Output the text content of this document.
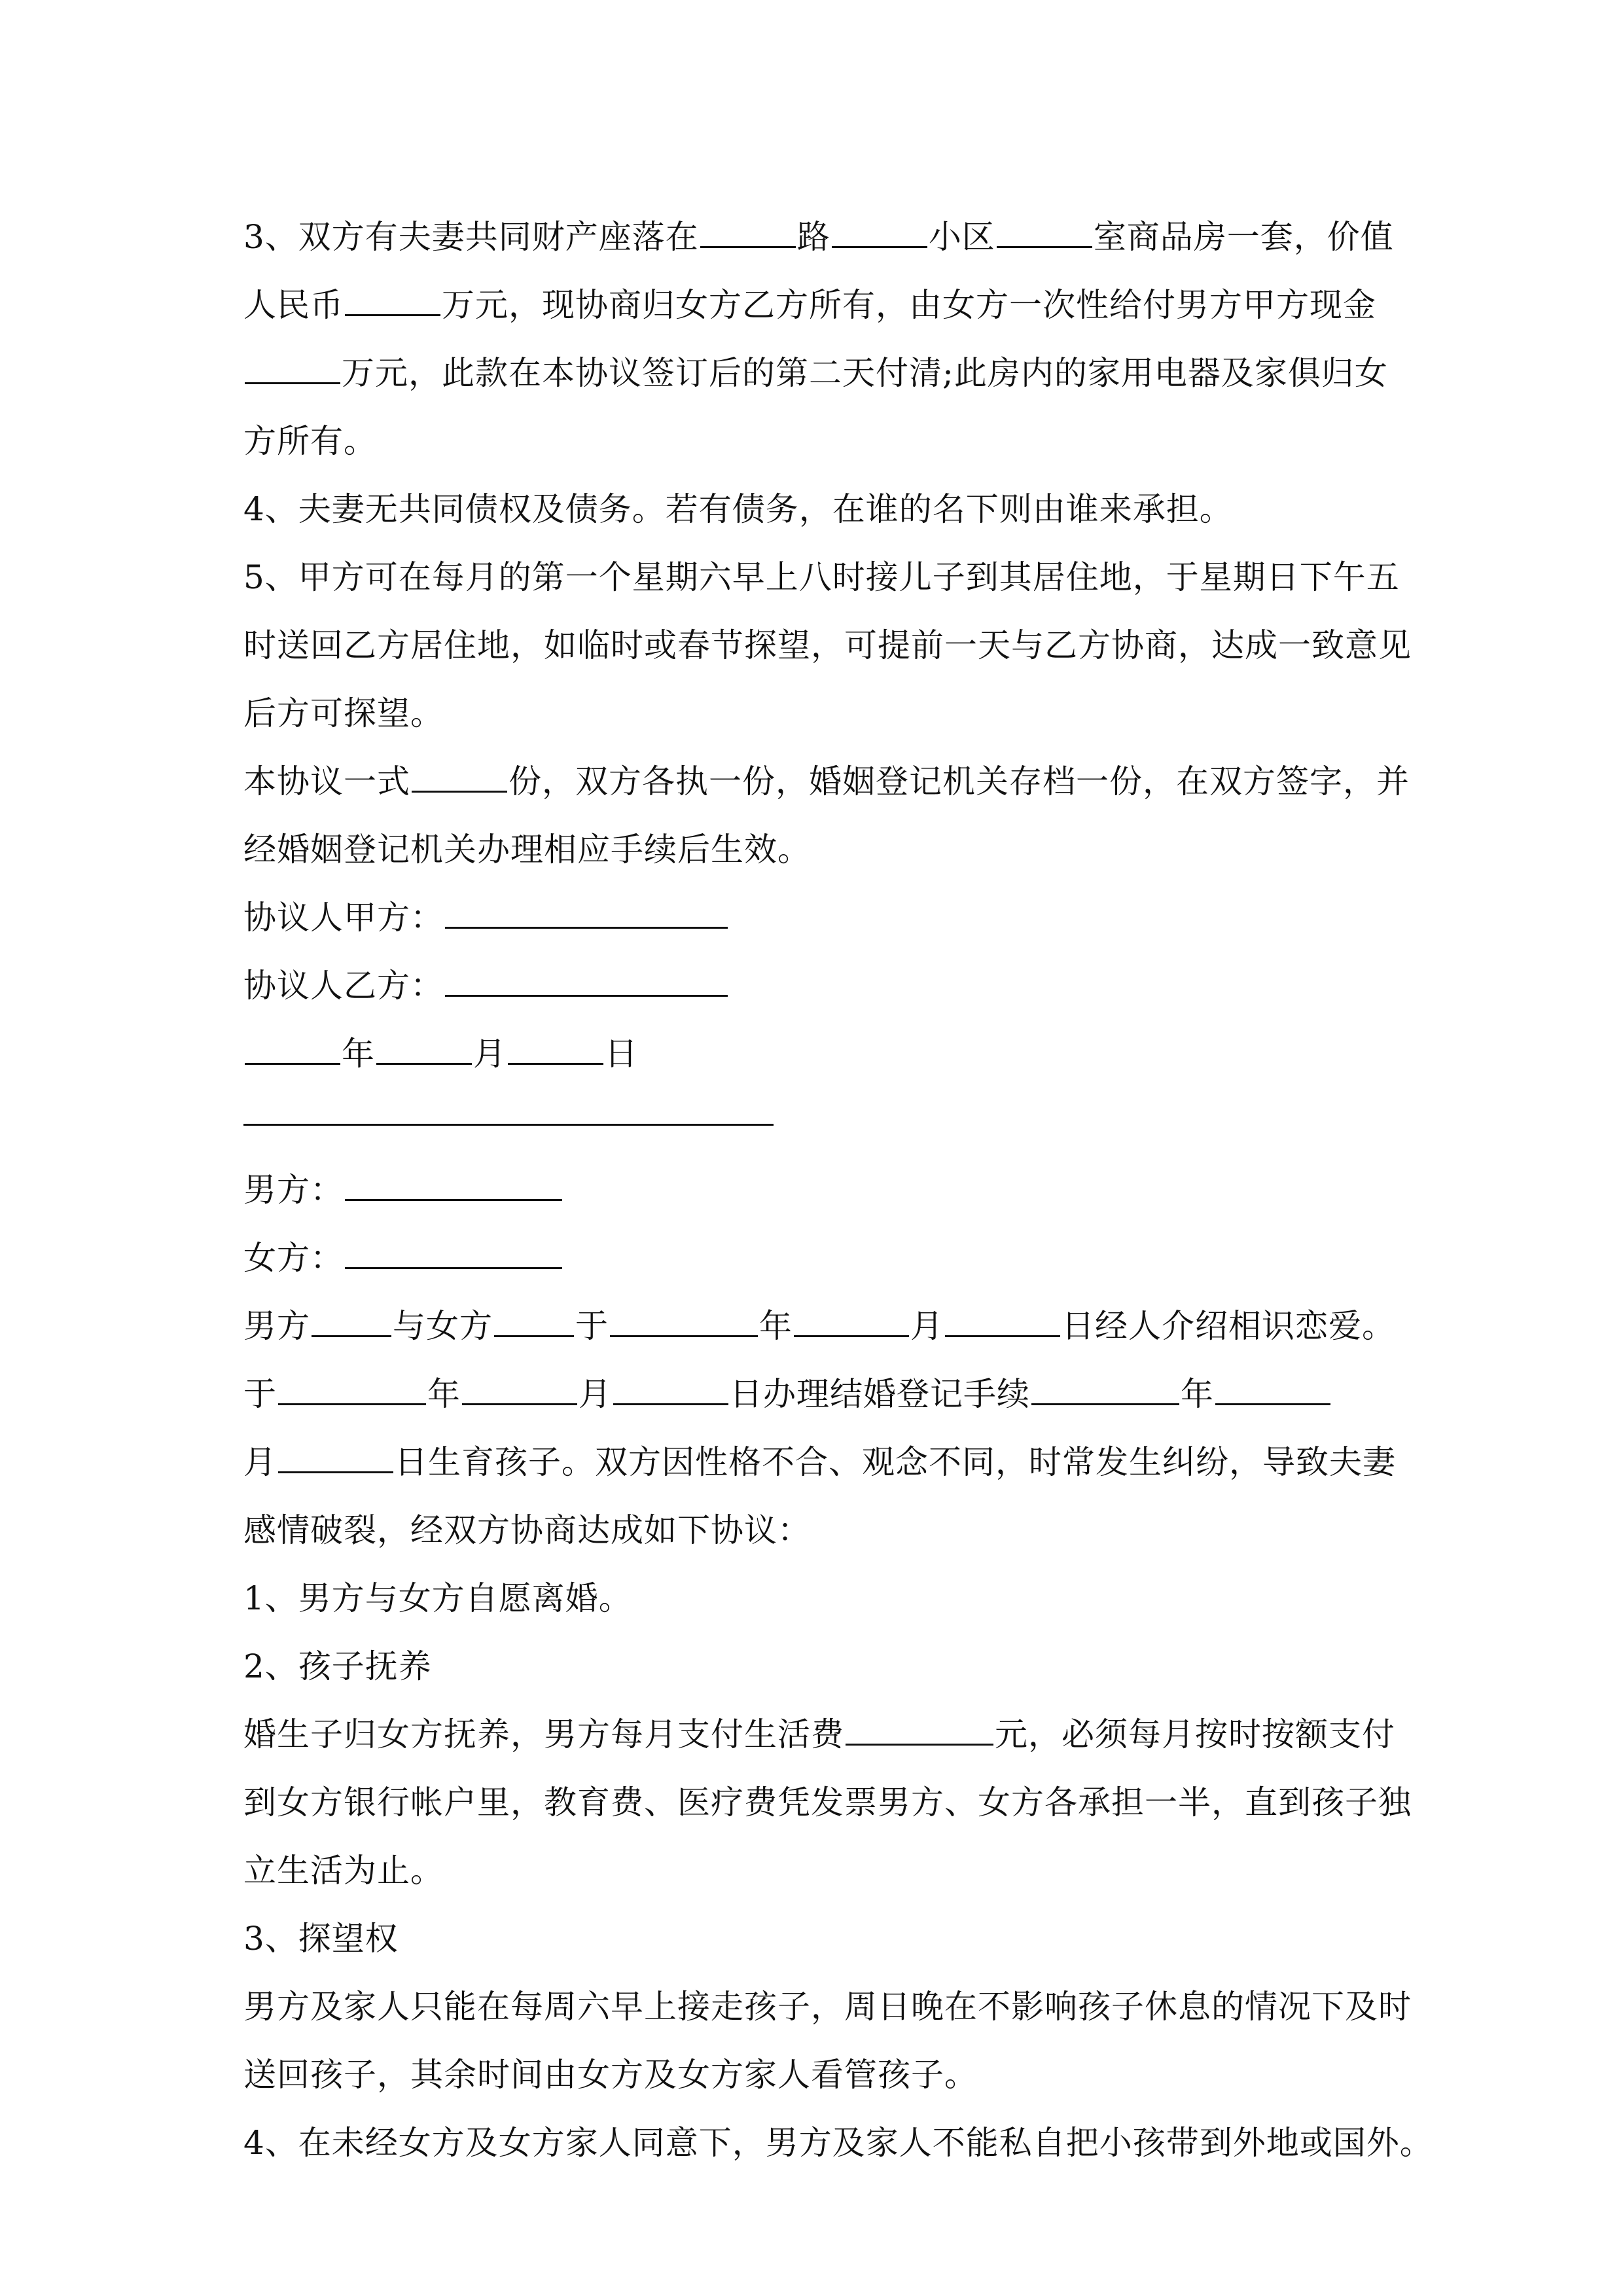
3、双方有夫妻共同财产座落在	路	小区	室商品房一套，价值
人民币	万元，现协商归女方乙方所有，由女方一次性给付男方甲方现金
万元，此款在本协议签订后的第二天付清;此房内的家用电器及家俱归女
方所有。
4、夫妻无共同债权及债务。若有债务，在谁的名下则由谁来承担。
5、甲方可在每月的第一个星期六早上八时接儿子到其居住地，于星期日下午五
时送回乙方居住地，如临时或春节探望，可提前一天与乙方协商，达成一致意见
后方可探望。
本协议一式	份，双方各执一份，婚姻登记机关存档一份，在双方签字，并
经婚姻登记机关办理相应手续后生效。
协议人甲方：
协议人乙方：
年	月	日
男方：
女方：
男方	与女方	于	年	月	日经人介绍相识恋爱。
于	年	月	日办理结婚登记手续	年
月	日生育孩子。双方因性格不合、观念不同，时常发生纠纷，导致夫妻
感情破裂，经双方协商达成如下协议：
1、男方与女方自愿离婚。
2、孩子抚养
婚生子归女方抚养，男方每月支付生活费	元，必须每月按时按额支付
到女方银行帐户里，教育费、医疗费凭发票男方、女方各承担一半，直到孩子独
立生活为止。
3、探望权
男方及家人只能在每周六早上接走孩子，周日晚在不影响孩子休息的情况下及时
送回孩子，其余时间由女方及女方家人看管孩子。
4、在未经女方及女方家人同意下，男方及家人不能私自把小孩带到外地或国外。
